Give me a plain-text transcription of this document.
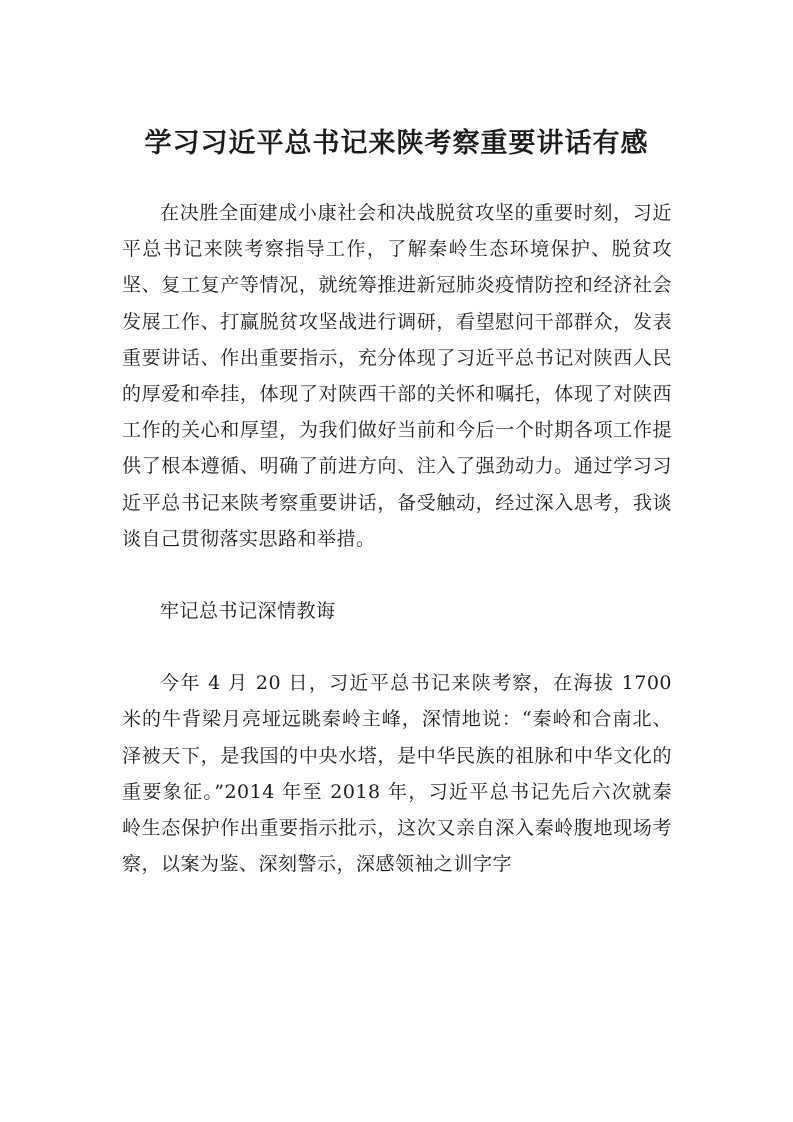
学习习近平总书记来陕考察重要讲话有感

在决胜全面建成小康社会和决战脱贫攻坚的重要时刻，习近平总书记来陕考察指导工作，了解秦岭生态环境保护、脱贫攻坚、复工复产等情况，就统筹推进新冠肺炎疫情防控和经济社会发展工作、打赢脱贫攻坚战进行调研，看望慰问干部群众，发表重要讲话、作出重要指示，充分体现了习近平总书记对陕西人民的厚爱和牵挂，体现了对陕西干部的关怀和嘱托，体现了对陕西工作的关心和厚望，为我们做好当前和今后一个时期各项工作提供了根本遵循、明确了前进方向、注入了强劲动力。通过学习习近平总书记来陕考察重要讲话，备受触动，经过深入思考，我谈谈自己贯彻落实思路和举措。

牢记总书记深情教诲

今年 4 月 20 日，习近平总书记来陕考察，在海拔 1700 米的牛背梁月亮垭远眺秦岭主峰，深情地说：“秦岭和合南北、泽被天下，是我国的中央水塔，是中华民族的祖脉和中华文化的重要象征。”2014 年至 2018 年，习近平总书记先后六次就秦岭生态保护作出重要指示批示，这次又亲自深入秦岭腹地现场考察，以案为鉴、深刻警示，深感领袖之训字字
